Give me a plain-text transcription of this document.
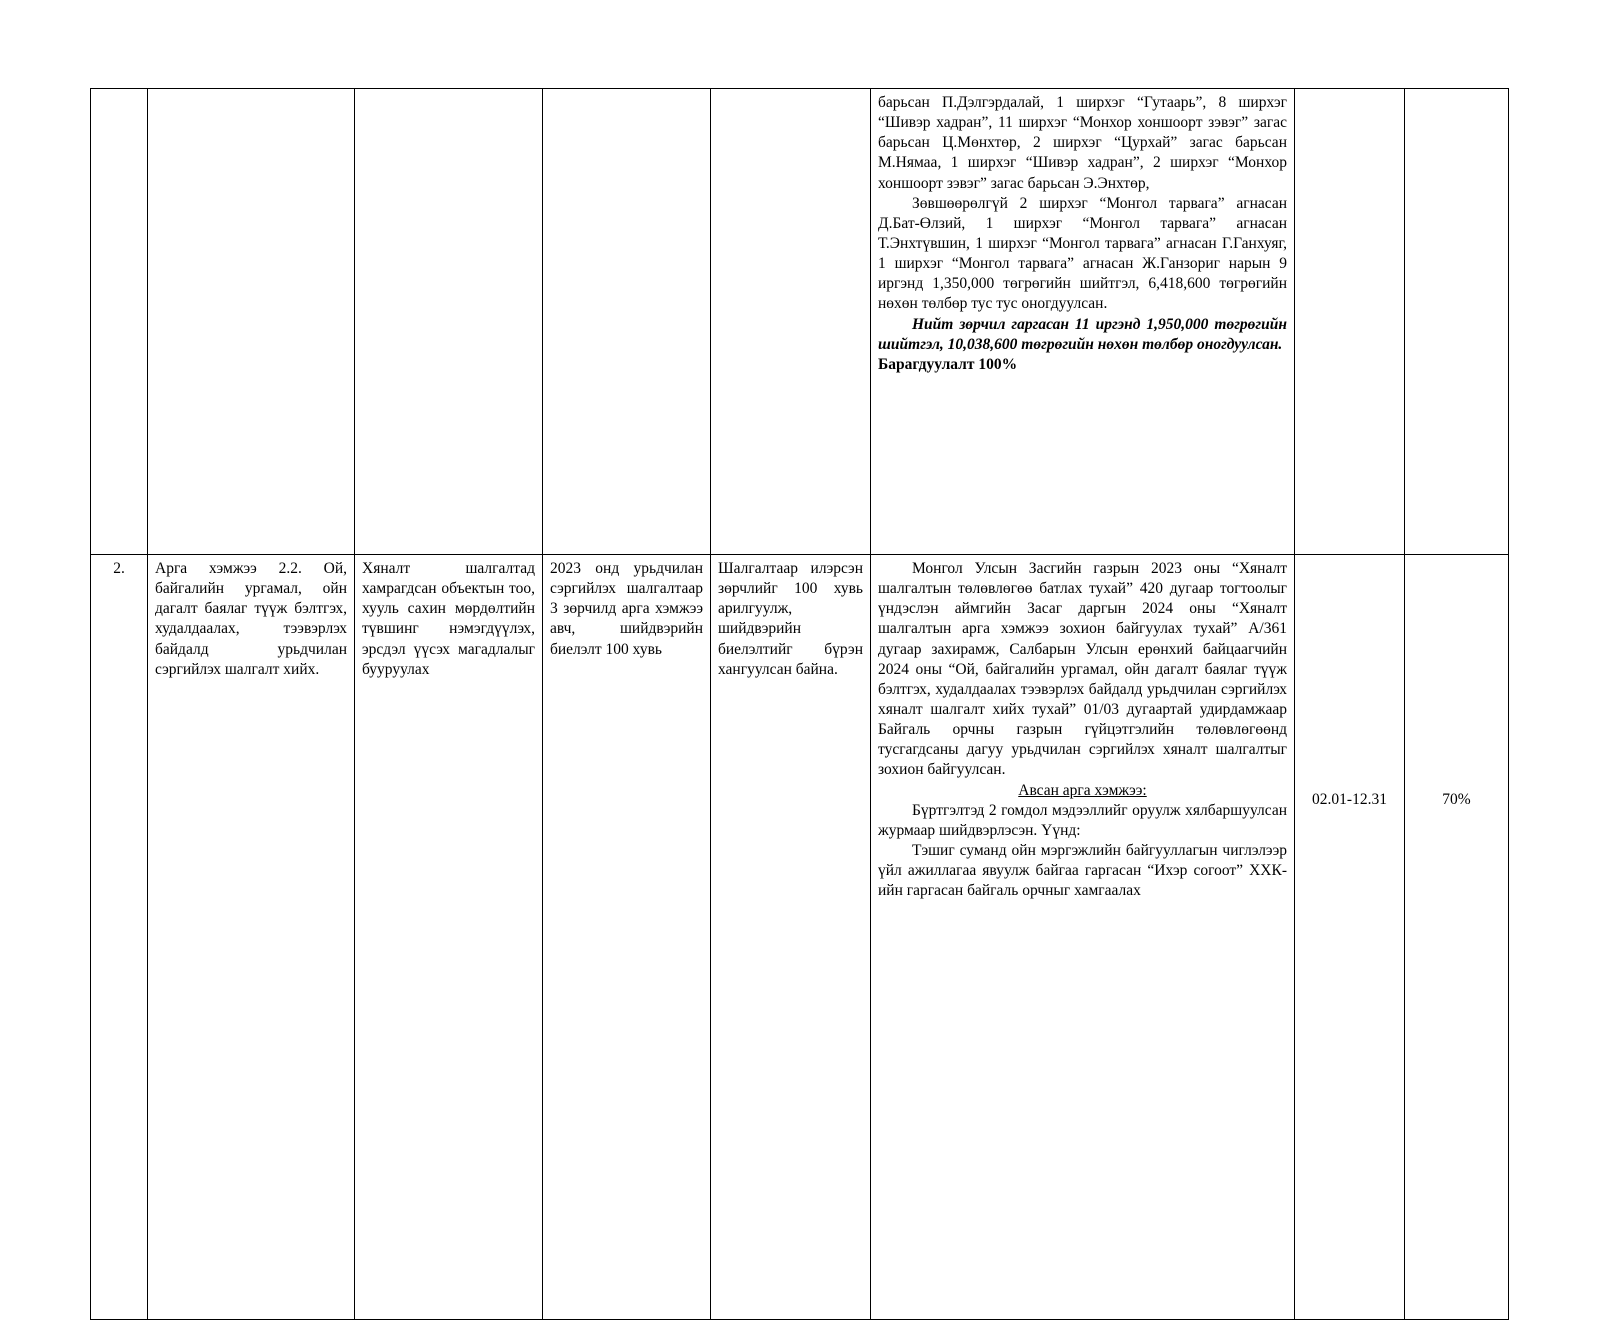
					барьсан П.Дэлгэрдалай, 1 ширхэг “Гутаарь”, 8 ширхэг “Шивэр хадран”, 11 ширхэг “Монхор хоншоорт зэвэг” загас барьсан Ц.Мөнхтөр, 2 ширхэг “Цурхай” загас барьсан М.Нямаа, 1 ширхэг “Шивэр хадран”, 2 ширхэг “Монхор хоншоорт зэвэг” загас барьсан Э.Энхтөр,

Зөвшөөрөлгүй 2 ширхэг “Монгол тарвага” агнасан Д.Бат-Өлзий, 1 ширхэг “Монгол тарвага” агнасан Т.Энхтүвшин, 1 ширхэг “Монгол тарвага” агнасан Г.Ганхуяг, 1 ширхэг “Монгол тарвага” агнасан Ж.Ганзориг нарын 9 иргэнд 1,350,000 төгрөгийн шийтгэл, 6,418,600 төгрөгийн нөхөн төлбөр тус тус оногдуулсан.

Нийт зөрчил гаргасан 11 иргэнд 1,950,000 төгрөгийн шийтгэл, 10,038,600 төгрөгийн нөхөн төлбөр оногдуулсан.

Барагдуулалт 100%		

2.	Арга хэмжээ 2.2. Ой, байгалийн ургамал, ойн дагалт баялаг түүж бэлтгэх, худалдаалах, тээвэрлэх байдалд урьдчилан сэргийлэх шалгалт хийх.	Хяналт шалгалтад хамрагдсан объектын тоо, хууль сахин мөрдөлтийн түвшинг нэмэгдүүлэх, эрсдэл үүсэх магадлалыг бууруулах	2023 онд урьдчилан сэргийлэх шалгалтаар 3 зөрчилд арга хэмжээ авч, шийдвэрийн биелэлт 100 хувь	Шалгалтаар илэрсэн зөрчлийг 100 хувь арилгуулж, шийдвэрийн биелэлтийг бүрэн хангуулсан байна.	Монгол Улсын Засгийн газрын 2023 оны “Хяналт шалгалтын төлөвлөгөө батлах тухай” 420 дугаар тогтоолыг үндэслэн аймгийн Засаг даргын 2024 оны “Хяналт шалгалтын арга хэмжээ зохион байгуулах тухай” А/361 дугаар захирамж, Салбарын Улсын ерөнхий байцаагчийн 2024 оны “Ой, байгалийн ургамал, ойн дагалт баялаг түүж бэлтгэх, худалдаалах тээвэрлэх байдалд урьдчилан сэргийлэх хяналт шалгалт хийх тухай” 01/03 дугаартай удирдамжаар Байгаль орчны газрын гүйцэтгэлийн төлөвлөгөөнд тусгагдсаны дагуу урьдчилан сэргийлэх хяналт шалгалтыг зохион байгуулсан.

Авсан арга хэмжээ:

Бүртгэлтэд 2 гомдол мэдээллийг оруулж хялбаршуулсан журмаар шийдвэрлэсэн. Үүнд:

Тэшиг суманд ойн мэргэжлийн байгууллагын чиглэлээр үйл ажиллагаа явуулж байгаа гаргасан “Ихэр согоот” ХХК-ийн гаргасан байгаль орчныг хамгаалах	02.01-12.31	70%
